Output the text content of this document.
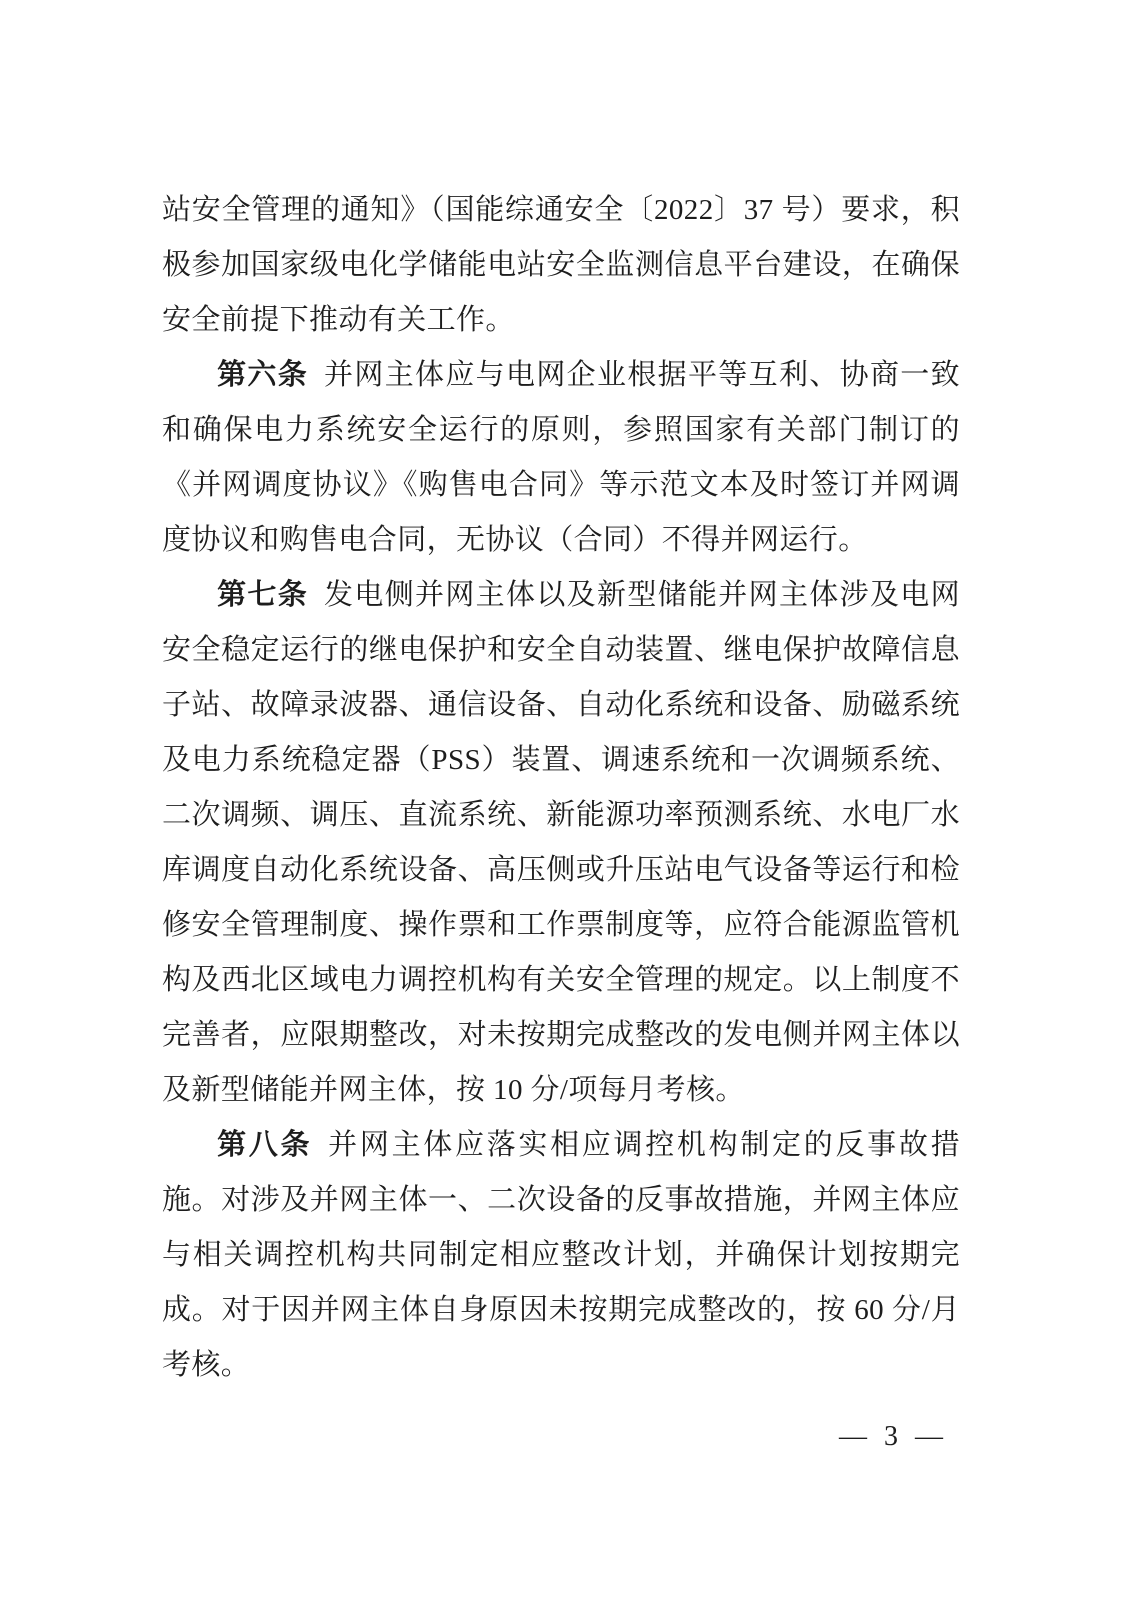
站安全管理的通知》（国能综通安全〔2022〕37 号）要求，积极参加国家级电化学储能电站安全监测信息平台建设，在确保安全前提下推动有关工作。

第六条 并网主体应与电网企业根据平等互利、协商一致和确保电力系统安全运行的原则，参照国家有关部门制订的《并网调度协议》《购售电合同》等示范文本及时签订并网调度协议和购售电合同，无协议（合同）不得并网运行。

第七条 发电侧并网主体以及新型储能并网主体涉及电网安全稳定运行的继电保护和安全自动装置、继电保护故障信息子站、故障录波器、通信设备、自动化系统和设备、励磁系统及电力系统稳定器（PSS）装置、调速系统和一次调频系统、二次调频、调压、直流系统、新能源功率预测系统、水电厂水库调度自动化系统设备、高压侧或升压站电气设备等运行和检修安全管理制度、操作票和工作票制度等，应符合能源监管机构及西北区域电力调控机构有关安全管理的规定。以上制度不完善者，应限期整改，对未按期完成整改的发电侧并网主体以及新型储能并网主体，按 10 分/项每月考核。

第八条 并网主体应落实相应调控机构制定的反事故措施。对涉及并网主体一、二次设备的反事故措施，并网主体应与相关调控机构共同制定相应整改计划，并确保计划按期完成。对于因并网主体自身原因未按期完成整改的，按 60 分/月考核。

— 3 —
